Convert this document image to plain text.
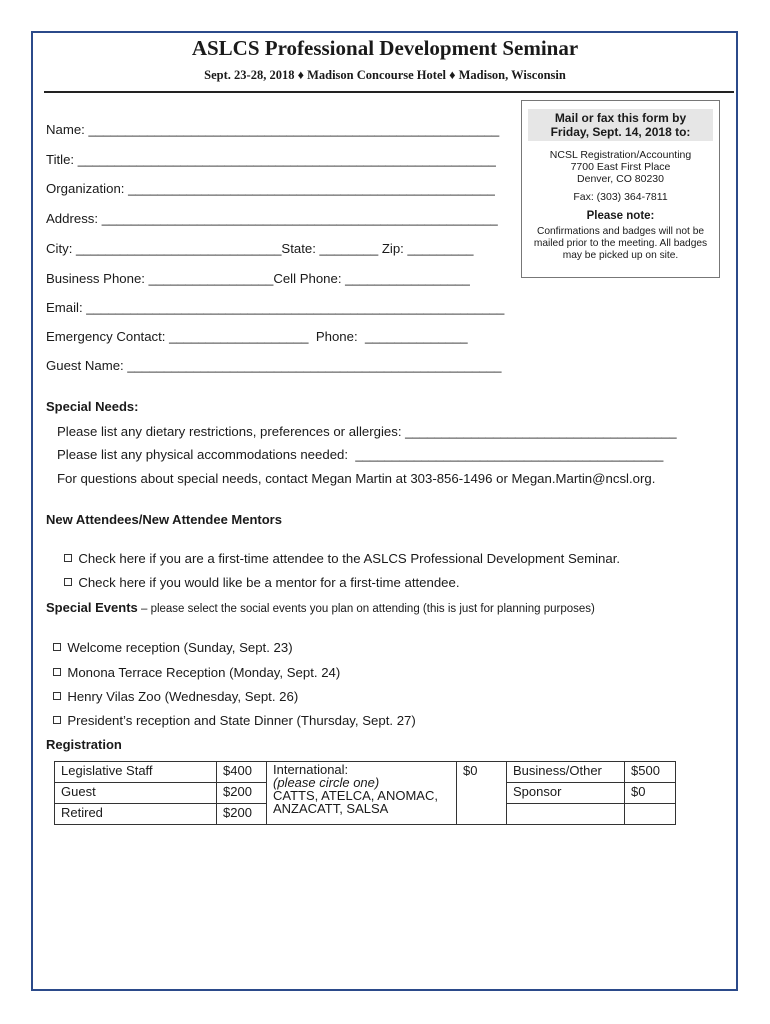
ASLCS Professional Development Seminar
Sept. 23-28, 2018 ♦ Madison Concourse Hotel ♦ Madison, Wisconsin
Name: ________________________________________________________
Title: _________________________________________________________
Organization: __________________________________________________
Address: ______________________________________________________
City: ____________________________State: ________ Zip: _________
Business Phone: _________________Cell Phone: _________________
Email: _________________________________________________________
Emergency Contact: ___________________  Phone:  ______________
Guest Name: ___________________________________________________
Mail or fax this form by
Friday, Sept. 14, 2018 to:
NCSL Registration/Accounting
7700 East First Place
Denver, CO 80230
Fax: (303) 364-7811
Please note:
Confirmations and badges will not be mailed prior to the meeting. All badges may be picked up on site.
Special Needs:
Please list any dietary restrictions, preferences or allergies: _____________________________________
Please list any physical accommodations needed:  __________________________________________
For questions about special needs, contact Megan Martin at 303-856-1496 or Megan.Martin@ncsl.org.
New Attendees/New Attendee Mentors

Check here if you are a first-time attendee to the ASLCS Professional Development Seminar.

Check here if you would like be a mentor for a first-time attendee.

Special Events – please select the social events you plan on attending (this is just for planning purposes)

Welcome reception (Sunday, Sept. 23)

Monona Terrace Reception (Monday, Sept. 24)

Henry Vilas Zoo (Wednesday, Sept. 26)

President’s reception and State Dinner (Thursday, Sept. 27)

Registration
Legislative Staff	$400	International:
(please circle one)
CATTS, ATELCA, ANOMAC,
ANZACATT, SALSA	$0	Business/Other	$500
Guest	$200			Sponsor	$0
Retired	$200				
